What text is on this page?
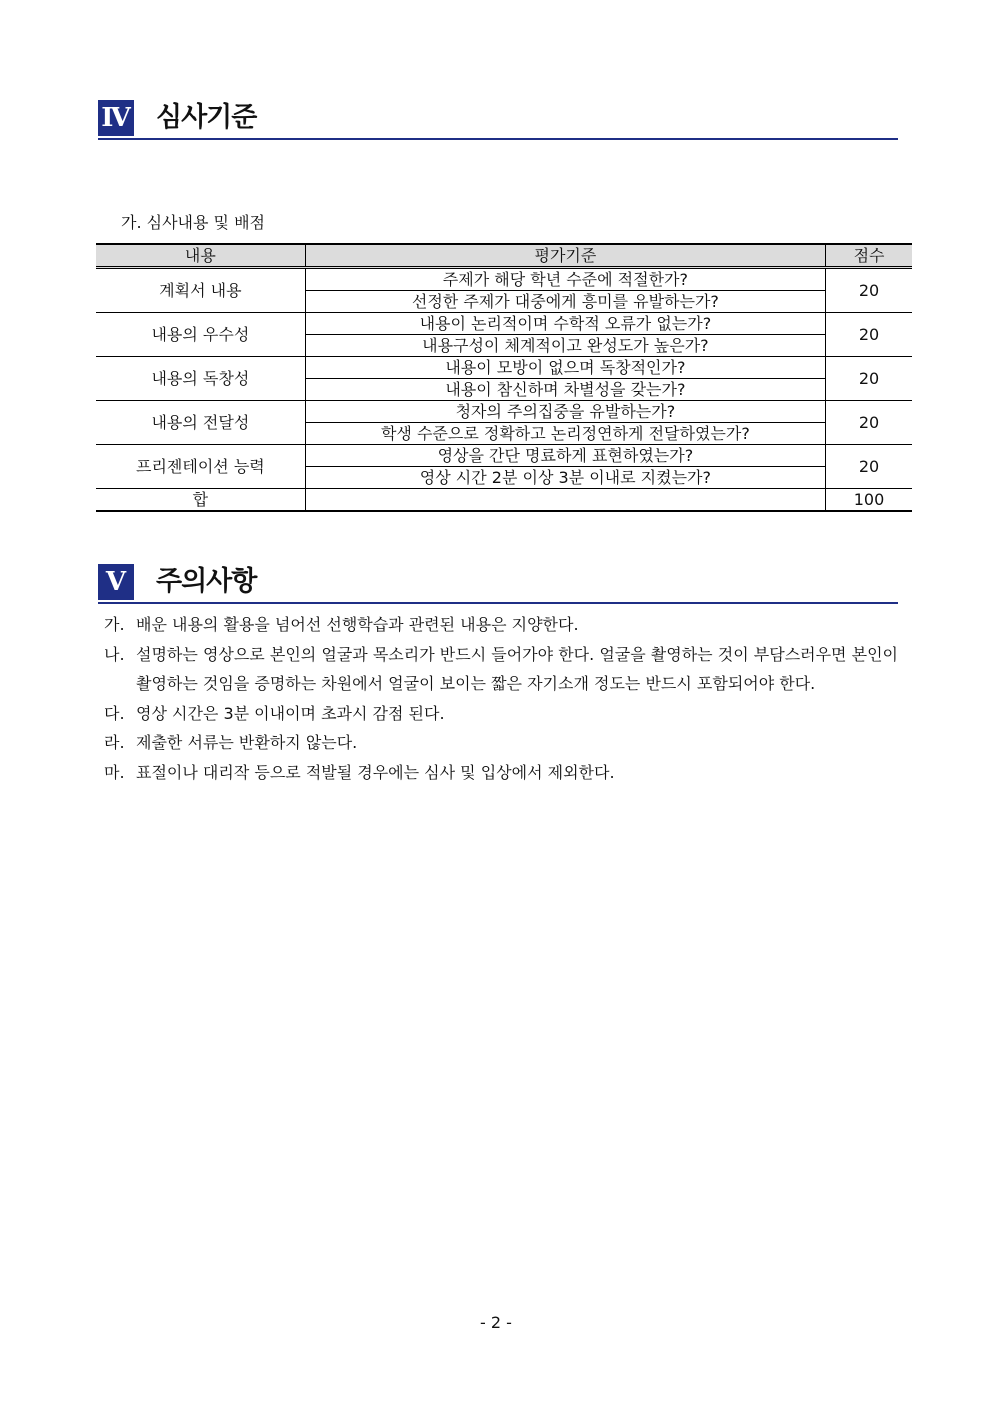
Ⅳ 심사기준
가. 심사내용 및 배점
내용	평가기준	점수
계획서 내용	주제가 해당 학년 수준에 적절한가?	20
	선정한 주제가 대중에게 흥미를 유발하는가?	
내용의 우수성	내용이 논리적이며 수학적 오류가 없는가?	20
	내용구성이 체계적이고 완성도가 높은가?	
내용의 독창성	내용이 모방이 없으며 독창적인가?	20
	내용이 참신하며 차별성을 갖는가?	
내용의 전달성	청자의 주의집중을 유발하는가?	20
	학생 수준으로 정확하고 논리정연하게 전달하였는가?	
프리젠테이션 능력	영상을 간단 명료하게 표현하였는가?	20
	영상 시간 2분 이상 3분 이내로 지켰는가?	
합		100
Ⅴ 주의사항
가. 배운 내용의 활용을 넘어선 선행학습과 관련된 내용은 지양한다.
나. 설명하는 영상으로 본인의 얼굴과 목소리가 반드시 들어가야 한다. 얼굴을 촬영하는 것이 부담스러우면 본인이 촬영하는 것임을 증명하는 차원에서 얼굴이 보이는 짧은 자기소개 정도는 반드시 포함되어야 한다.
다. 영상 시간은 3분 이내이며 초과시 감점 된다.
라. 제출한 서류는 반환하지 않는다.
마. 표절이나 대리작 등으로 적발될 경우에는 심사 및 입상에서 제외한다.
- 2 -
